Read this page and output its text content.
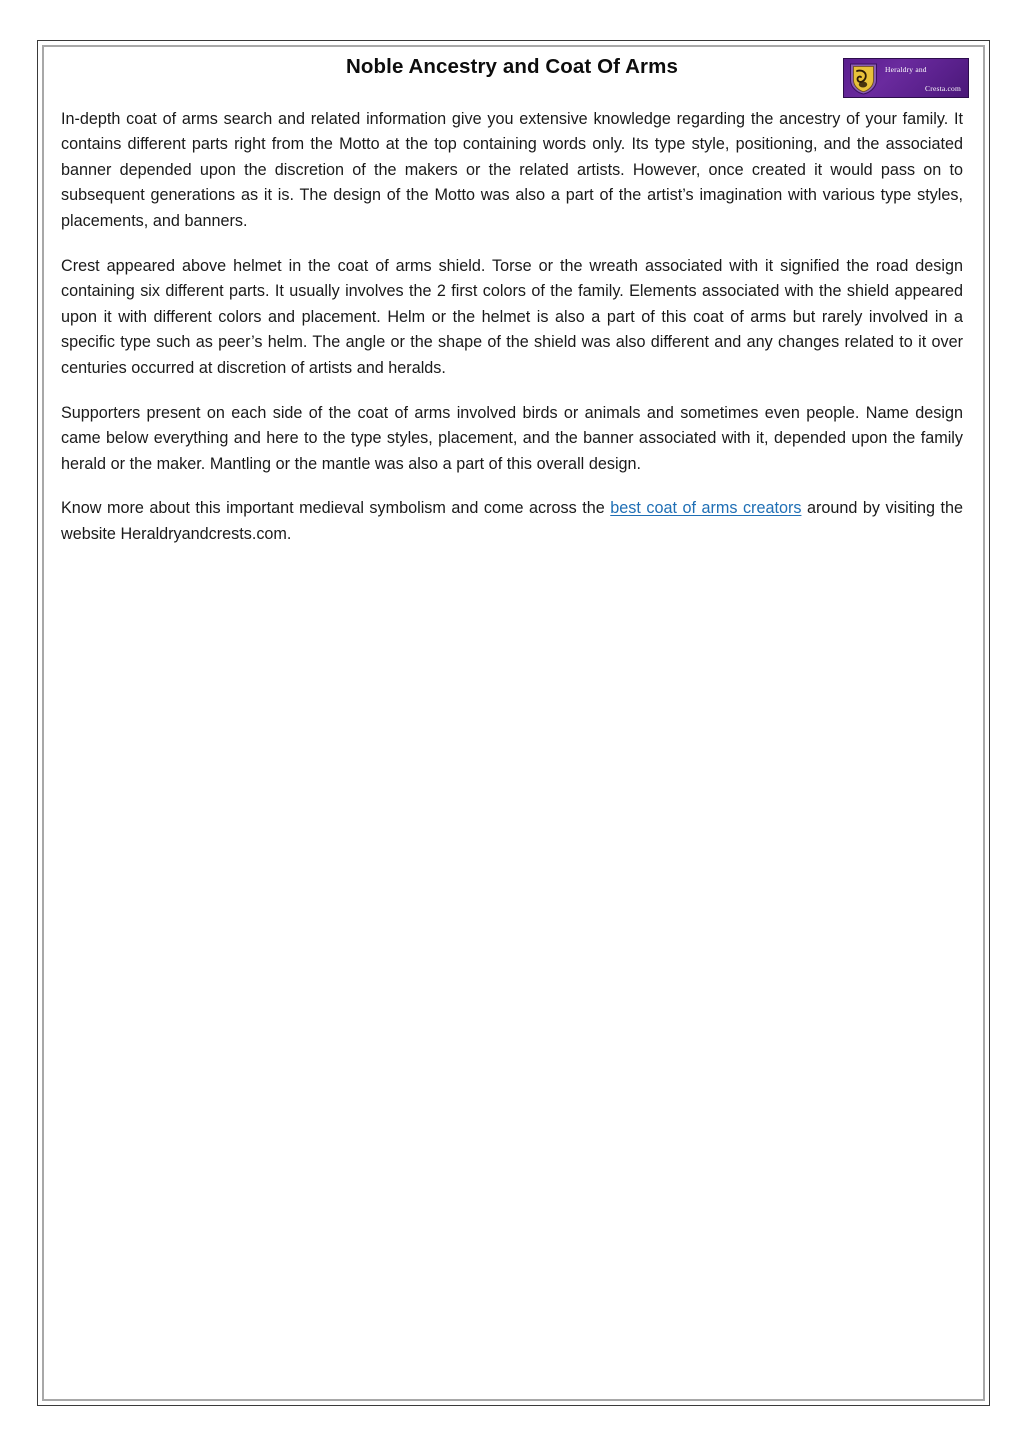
Heraldry and
Cresta.com
Noble Ancestry and Coat Of Arms

In-depth coat of arms search and related information give you extensive knowledge regarding the ancestry of your family. It contains different parts right from the Motto at the top containing words only. Its type style, positioning, and the associated banner depended upon the discretion of the makers or the related artists. However, once created it would pass on to subsequent generations as it is. The design of the Motto was also a part of the artist’s imagination with various type styles, placements, and banners.

Crest appeared above helmet in the coat of arms shield. Torse or the wreath associated with it signified the road design containing six different parts. It usually involves the 2 first colors of the family. Elements associated with the shield appeared upon it with different colors and placement. Helm or the helmet is also a part of this coat of arms but rarely involved in a specific type such as peer’s helm. The angle or the shape of the shield was also different and any changes related to it over centuries occurred at discretion of artists and heralds.

Supporters present on each side of the coat of arms involved birds or animals and sometimes even people. Name design came below everything and here to the type styles, placement, and the banner associated with it, depended upon the family herald or the maker. Mantling or the mantle was also a part of this overall design.

Know more about this important medieval symbolism and come across the best coat of arms creators around by visiting the website Heraldryandcrests.com.
